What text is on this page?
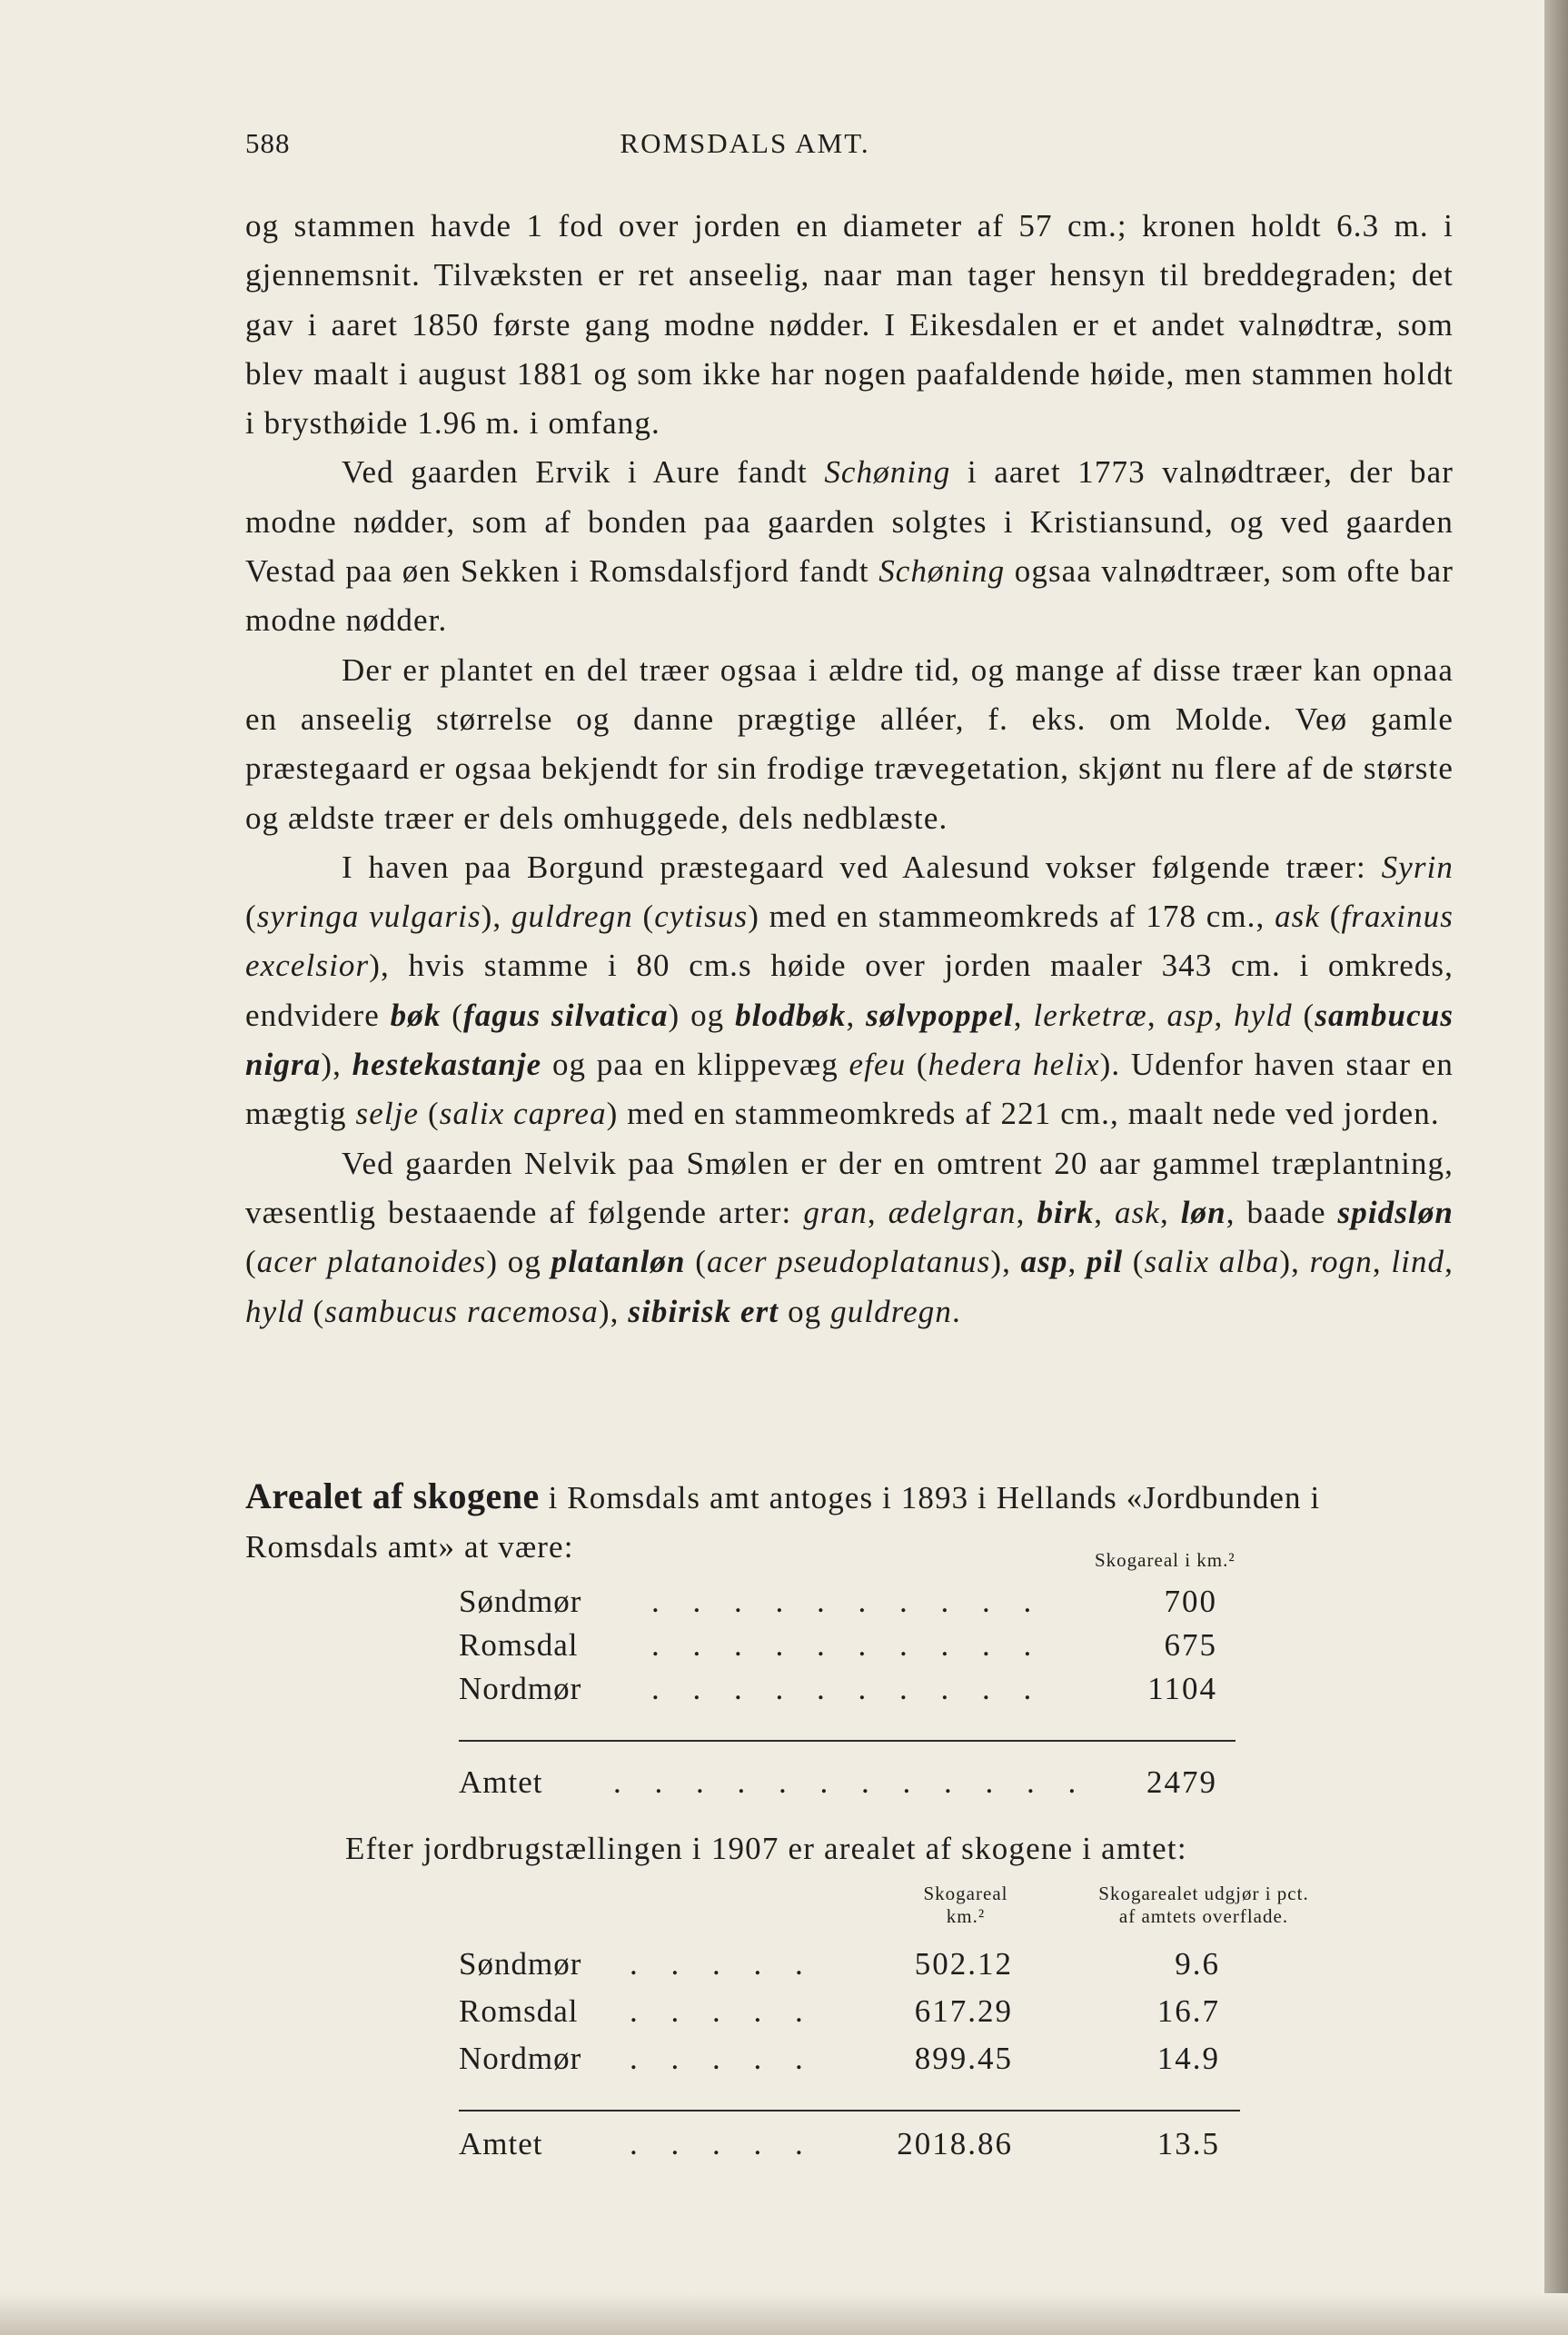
588	ROMSDALS AMT.

og stammen havde 1 fod over jorden en diameter af 57 cm.; kronen holdt 6.3 m. i gjennemsnit. Tilvæksten er ret anseelig, naar man tager hensyn til breddegraden; det gav i aaret 1850 første gang modne nødder. I Eikesdalen er et andet valnødtræ, som blev maalt i august 1881 og som ikke har nogen paafaldende høide, men stammen holdt i brysthøide 1.96 m. i omfang.

Ved gaarden Ervik i Aure fandt Schøning i aaret 1773 valnødtræer, der bar modne nødder, som af bonden paa gaarden solgtes i Kristiansund, og ved gaarden Vestad paa øen Sekken i Romsdalsfjord fandt Schøning ogsaa valnødtræer, som ofte bar modne nødder.

Der er plantet en del træer ogsaa i ældre tid, og mange af disse træer kan opnaa en anseelig størrelse og danne prægtige alléer, f. eks. om Molde. Veø gamle præstegaard er ogsaa bekjendt for sin frodige trævegetation, skjønt nu flere af de største og ældste træer er dels omhuggede, dels nedblæste.

I haven paa Borgund præstegaard ved Aalesund vokser følgende træer: Syrin (syringa vulgaris), guldregn (cytisus) med en stammeomkreds af 178 cm., ask (fraxinus excelsior), hvis stamme i 80 cm.s høide over jorden maaler 343 cm. i omkreds, endvidere bøk (fagus silvatica) og blodbøk, sølvpoppel, lerketræ, asp, hyld (sambucus nigra), hestekastanje og paa en klippevæg efeu (hedera helix). Udenfor haven staar en mægtig selje (salix caprea) med en stammeomkreds af 221 cm., maalt nede ved jorden.

Ved gaarden Nelvik paa Smølen er der en omtrent 20 aar gammel træplantning, væsentlig bestaaende af følgende arter: gran, ædelgran, birk, ask, løn, baade spidsløn (acer platanoides) og platanløn (acer pseudoplatanus), asp, pil (salix alba), rogn, lind, hyld (sambucus racemosa), sibirisk ert og guldregn.

Arealet af skogene i Romsdals amt antoges i 1893 i Hellands «Jordbunden i Romsdals amt» at være:	Skogareal i km.²
Søndmør . . . . . . . . . .	700
Romsdal . . . . . . . . . .	675
Nordmør . . . . . . . . . .	1104
Amtet . . . . . . . . . . . .	2479
Efter jordbrugstællingen i 1907 er arealet af skogene i amtet:
Skogareal
km.²
Skogarealet udgjør i pct.
af amtets overflade.
Søndmør . . . . .	502.12	9.6
Romsdal . . . . .	617.29	16.7
Nordmør . . . . .	899.45	14.9
Amtet	. . . . .	2018.86	13.5
